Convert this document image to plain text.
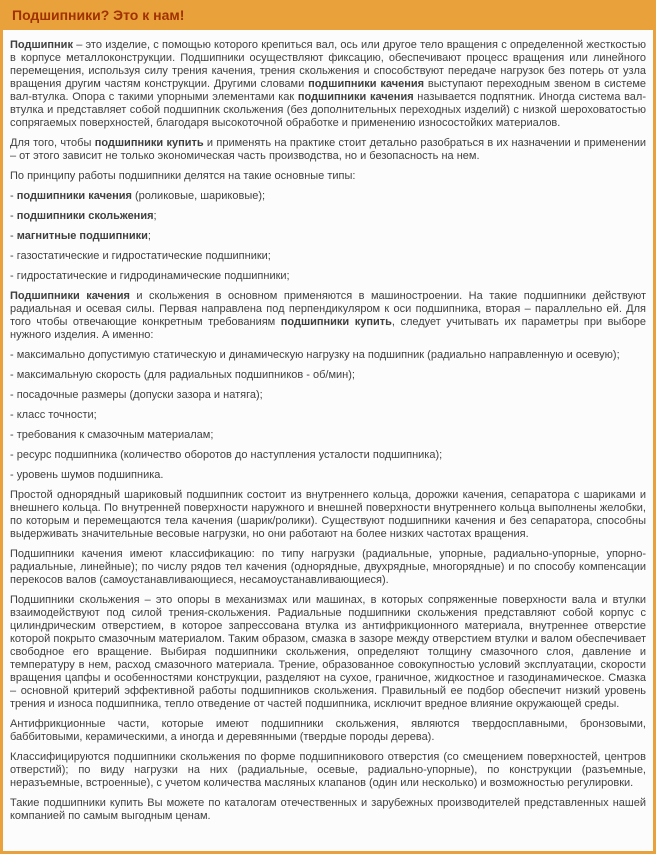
Подшипники? Это к нам!

Подшипник – это изделие, с помощью которого крепиться вал, ось или другое тело вращения с определенной жесткостью в корпусе металлоконструкции. Подшипники осуществляют фиксацию, обеспечивают процесс вращения или линейного перемещения, используя силу трения качения, трения скольжения и способствуют передаче нагрузок без потерь от узла вращения другим частям конструкции. Другими словами подшипники качения выступают переходным звеном в системе вал-втулка. Опора с такими упорными элементами как подшипники качения называется подпятник. Иногда система вал-втулка и представляет собой подшипник скольжения (без дополнительных переходных изделий) с низкой шероховатостью сопрягаемых поверхностей, благодаря высокоточной обработке и применению износостойких материалов.

Для того, чтобы подшипники купить и применять на практике стоит детально разобраться в их назначении и применении – от этого зависит не только экономическая часть производства, но и безопасность на нем.

По принципу работы подшипники делятся на такие основные типы:

- подшипники качения (роликовые, шариковые);

- подшипники скольжения;

- магнитные подшипники;

- газостатические и гидростатические подшипники;

- гидростатические и гидродинамические подшипники;

Подшипники качения и скольжения в основном применяются в машиностроении. На такие подшипники действуют радиальная и осевая силы. Первая направлена под перпендикуляром к оси подшипника, вторая – параллельно ей. Для того чтобы отвечающие конкретным требованиям подшипники купить, следует учитывать их параметры при выборе нужного изделия. А именно:

- максимально допустимую статическую и динамическую нагрузку на подшипник (радиально направленную и осевую);

- максимальную скорость (для радиальных подшипников - об/мин);

- посадочные размеры (допуски зазора и натяга);

- класс точности;

- требования к смазочным материалам;

- ресурс подшипника (количество оборотов до наступления усталости подшипника);

- уровень шумов подшипника.

Простой однорядный шариковый подшипник состоит из внутреннего кольца, дорожки качения, сепаратора с шариками и внешнего кольца. По внутренней поверхности наружного и внешней поверхности внутреннего кольца выполнены желобки, по которым и перемещаются тела качения (шарик/ролики). Существуют подшипники качения и без сепаратора, способны выдерживать значительные весовые нагрузки, но они работают на более низких частотах вращения.

Подшипники качения имеют классификацию: по типу нагрузки (радиальные, упорные, радиально-упорные, упорно-радиальные, линейные); по числу рядов тел качения (однорядные, двухрядные, многорядные) и по способу компенсации перекосов валов (самоустанавливающиеся, несамоустанавливающиеся).

Подшипники скольжения – это опоры в механизмах или машинах, в которых сопряженные поверхности вала и втулки взаимодействуют под силой трения-скольжения. Радиальные подшипники скольжения представляют собой корпус с цилиндрическим отверстием, в которое запрессована втулка из антифрикционного материала, внутреннее отверстие которой покрыто смазочным материалом. Таким образом, смазка в зазоре между отверстием втулки и валом обеспечивает свободное его вращение. Выбирая подшипники скольжения, определяют толщину смазочного слоя, давление и температуру в нем, расход смазочного материала. Трение, образованное совокупностью условий эксплуатации, скорости вращения цапфы и особенностями конструкции, разделяют на сухое, граничное, жидкостное и газодинамическое. Смазка – основной критерий эффективной работы подшипников скольжения. Правильный ее подбор обеспечит низкий уровень трения и износа подшипника, тепло отведение от частей подшипника, исключит вредное влияние окружающей среды.

Антифрикционные части, которые имеют подшипники скольжения, являются твердосплавными, бронзовыми, баббитовыми, керамическими, а иногда и деревянными (твердые породы дерева).

Классифицируются подшипники скольжения по форме подшипникового отверстия (со смещением поверхностей, центров отверстий); по виду нагрузки на них (радиальные, осевые, радиально-упорные), по конструкции (разъемные, неразъемные, встроенные), с учетом количества масляных клапанов (один или несколько) и возможностью регулировки.

Такие подшипники купить Вы можете по каталогам отечественных и зарубежных производителей представленных нашей компанией по самым выгодным ценам.
